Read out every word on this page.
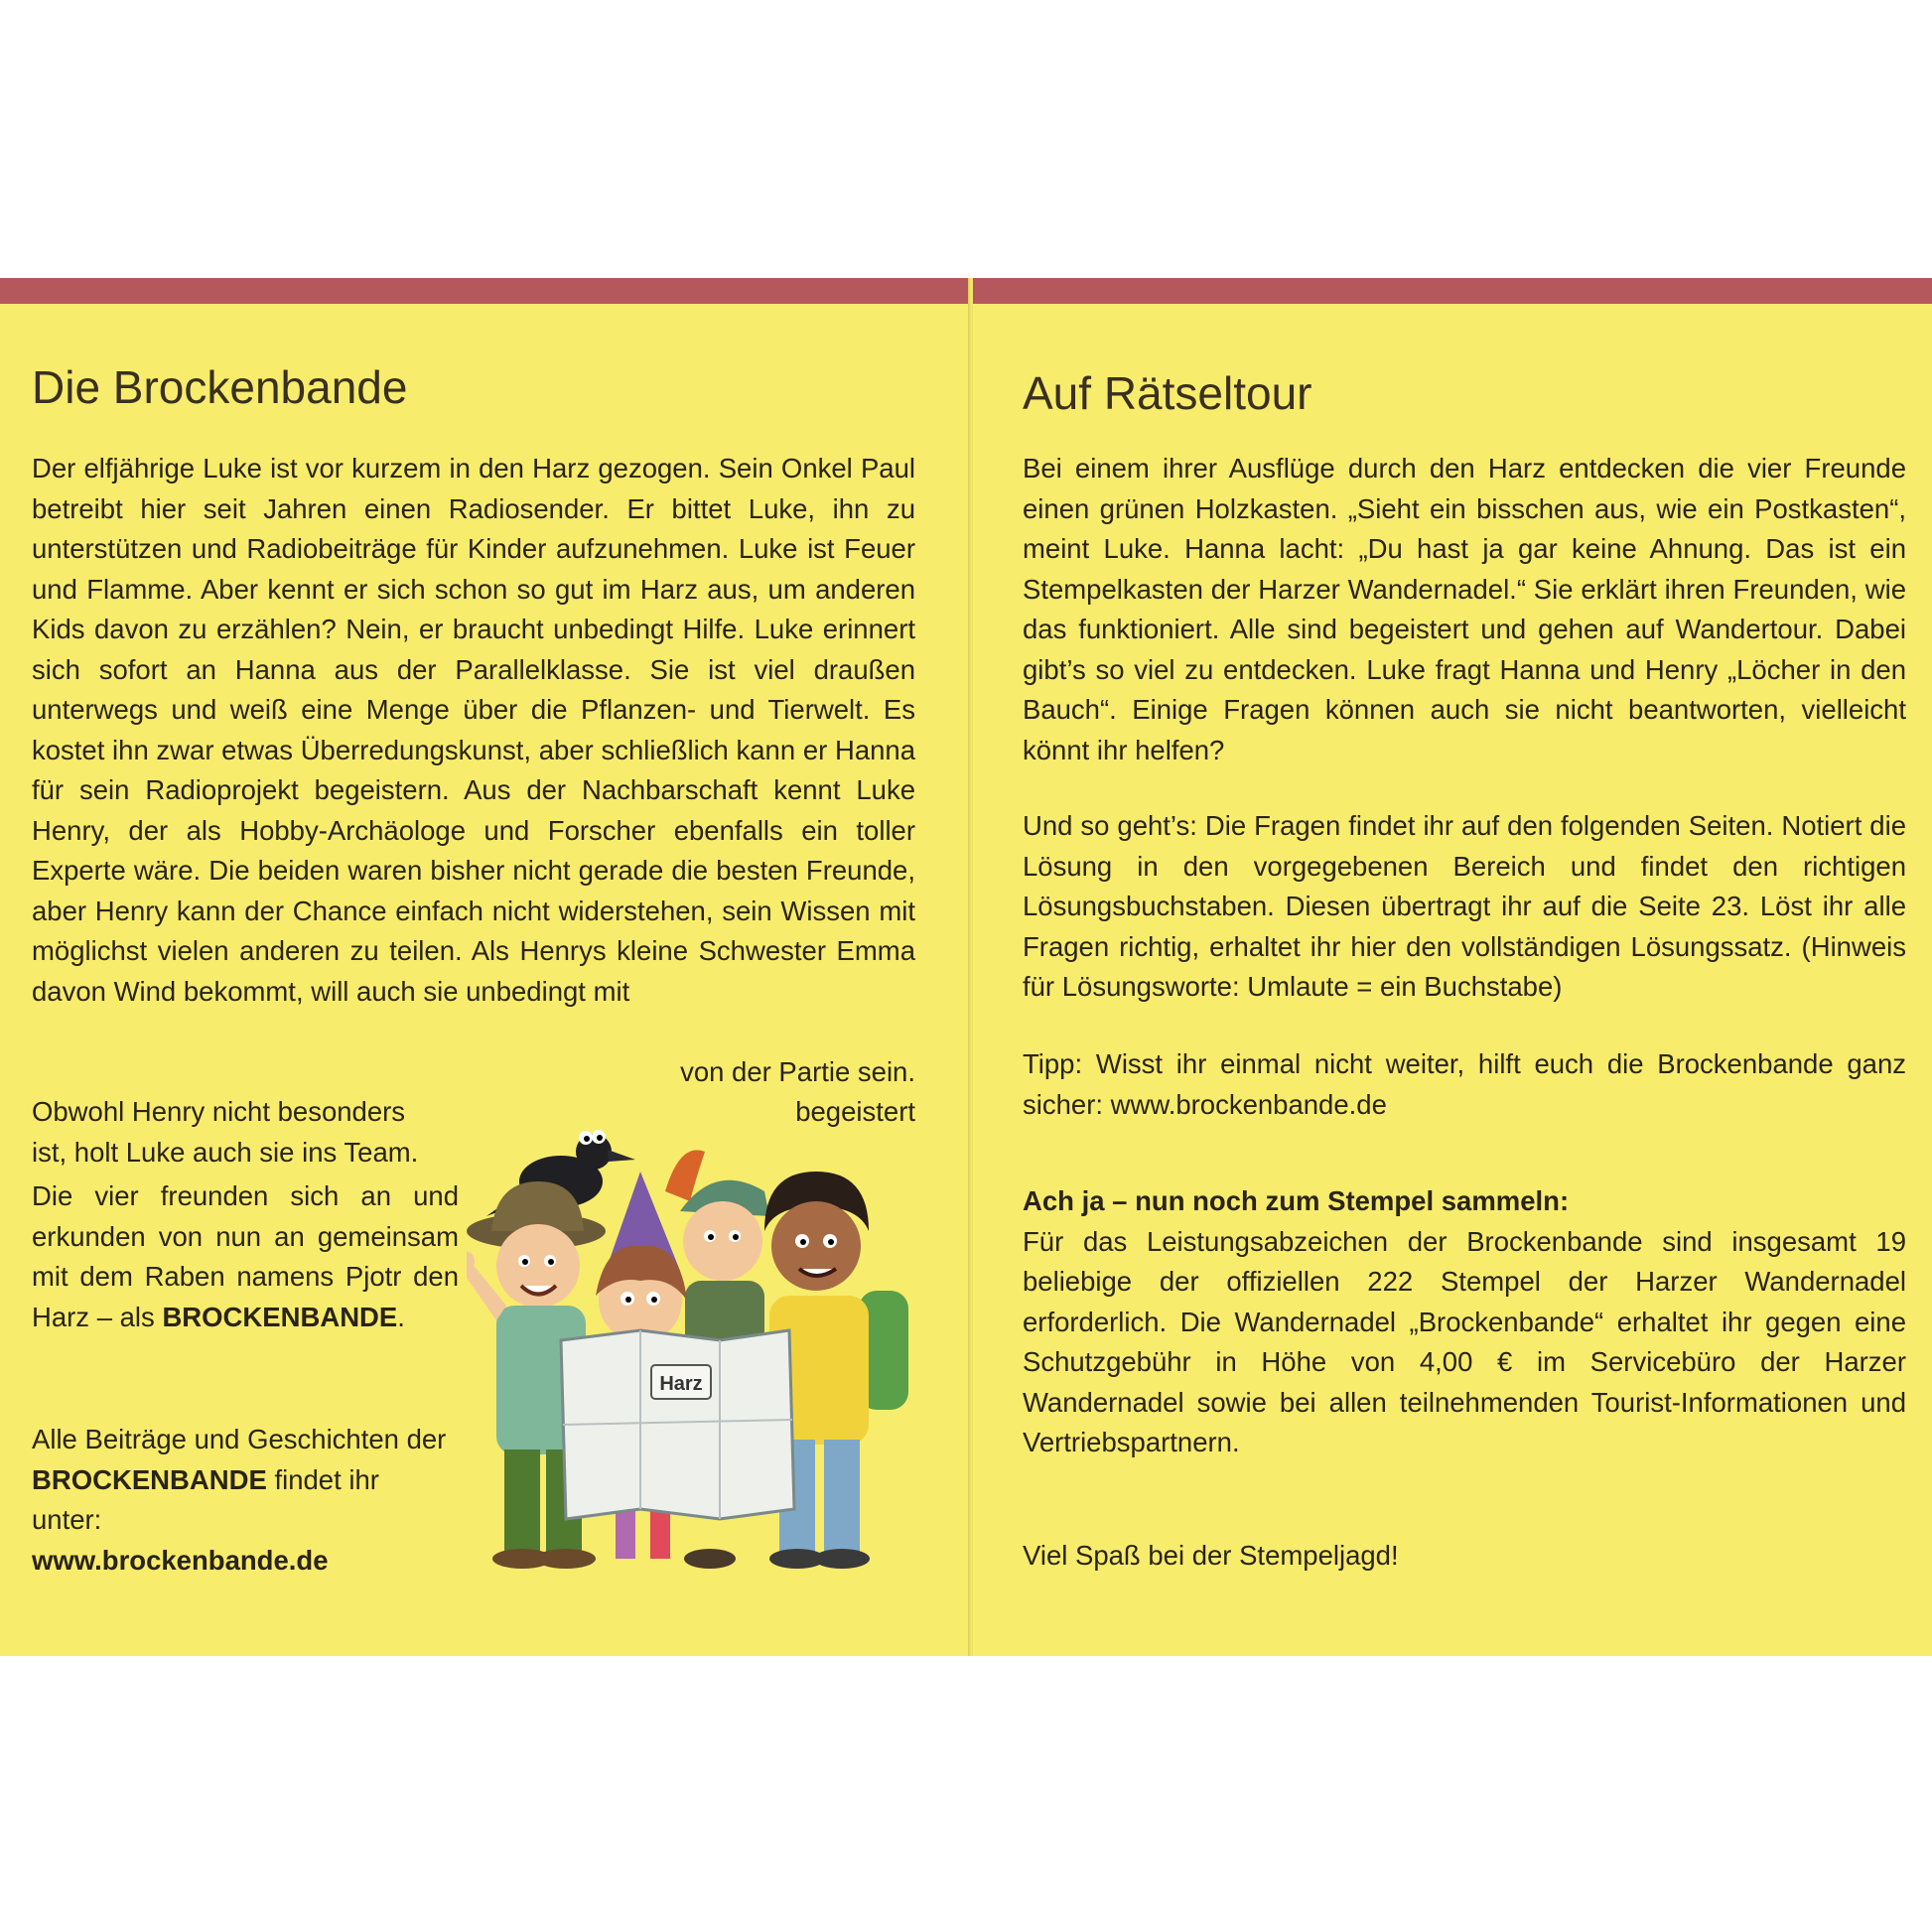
Die Brockenbande

Der elfjährige Luke ist vor kurzem in den Harz gezogen. Sein Onkel Paul betreibt hier seit Jahren einen Radiosender. Er bittet Luke, ihn zu unterstützen und Radiobeiträge für Kinder aufzunehmen. Luke ist Feuer und Flamme. Aber kennt er sich schon so gut im Harz aus, um anderen Kids davon zu erzählen? Nein, er braucht unbedingt Hilfe. Luke erinnert sich sofort an Hanna aus der Parallelklasse. Sie ist viel draußen unterwegs und weiß eine Menge über die Pflanzen- und Tierwelt. Es kostet ihn zwar etwas Überredungskunst, aber schließlich kann er Hanna für sein Radioprojekt begeistern. Aus der Nachbarschaft kennt Luke Henry, der als Hobby-Archäologe und Forscher ebenfalls ein toller Experte wäre. Die beiden waren bisher nicht gerade die besten Freunde, aber Henry kann der Chance einfach nicht widerstehen, sein Wissen mit möglichst vielen anderen zu teilen. Als Henrys kleine Schwester Emma davon Wind bekommt, will auch sie unbedingt mit

von der Partie sein.
Obwohl Henry nicht besonders	begeistert
ist, holt Luke auch sie ins Team.

Die vier freunden sich an und erkunden von nun an gemeinsam mit dem Raben namens Pjotr den Harz – als BROCKENBANDE.

Alle Beiträge und Geschichten der BROCKENBANDE findet ihr unter:
www.brockenbande.de

Harz
Auf Rätseltour

Bei einem ihrer Ausflüge durch den Harz entdecken die vier Freunde einen grünen Holzkasten. „Sieht ein bisschen aus, wie ein Postkasten“, meint Luke. Hanna lacht: „Du hast ja gar keine Ahnung. Das ist ein Stempelkasten der Harzer Wandernadel.“ Sie erklärt ihren Freunden, wie das funktioniert. Alle sind begeistert und gehen auf Wandertour. Dabei gibt’s so viel zu entdecken. Luke fragt Hanna und Henry „Löcher in den Bauch“. Einige Fragen können auch sie nicht beantworten, vielleicht könnt ihr helfen?

Und so geht’s: Die Fragen findet ihr auf den folgenden Seiten. Notiert die Lösung in den vorgegebenen Bereich und findet den richtigen Lösungsbuchstaben. Diesen übertragt ihr auf die Seite 23. Löst ihr alle Fragen richtig, erhaltet ihr hier den vollständigen Lösungssatz. (Hinweis für Lösungsworte: Umlaute = ein Buchstabe)

Tipp: Wisst ihr einmal nicht weiter, hilft euch die Brockenbande ganz sicher: www.brockenbande.de

Ach ja – nun noch zum Stempel sammeln:

Für das Leistungsabzeichen der Brockenbande sind insgesamt 19 beliebige der offiziellen 222 Stempel der Harzer Wandernadel erforderlich. Die Wandernadel „Brockenbande“ erhaltet ihr gegen eine Schutzgebühr in Höhe von 4,00 € im Servicebüro der Harzer Wandernadel sowie bei allen teilnehmenden Tourist-Informationen und Vertriebspartnern.

Viel Spaß bei der Stempeljagd!
